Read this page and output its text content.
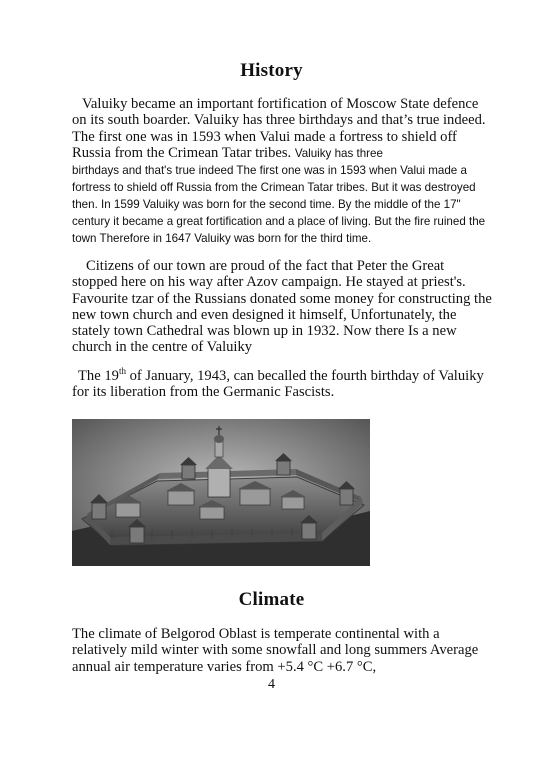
History

Valuiky became an important fortification of Moscow State defence on its south boarder. Valuiky has three birthdays and that’s true indeed. The first one was in 1593 when Valui made a fortress to shield off Russia from the Crimean Tatar tribes. Valuiky has three

birthdays and that's true indeed The first one was in 1593 when Valui made a fortress to shield off Russia from the Crimean Tatar tribes. But it was destroyed then. In 1599 Valuiky was born for the second time. By the middle of the 17" century it became a great fortification and a place of living. But the fire ruined the town Therefore in 1647 Valuiky was born for the third time.

Citizens of our town are proud of the fact that Peter the Great stopped here on his way after Azov campaign. He stayed at priest's. Favourite tzar of the Russians donated some money for constructing the new town church and even designed it himself, Unfortunately, the stately town Cathedral was blown up in 1932. Now there Is a new church in the centre of Valuiky

The 19th of January, 1943, can becalled the fourth birthday of Valuiky for its liberation from the Germanic Fascists.

Climate

The climate of Belgorod Oblast is temperate continental with a relatively mild winter with some snowfall and long summers Average annual air temperature varies from +5.4 °C +6.7 °C,

4
